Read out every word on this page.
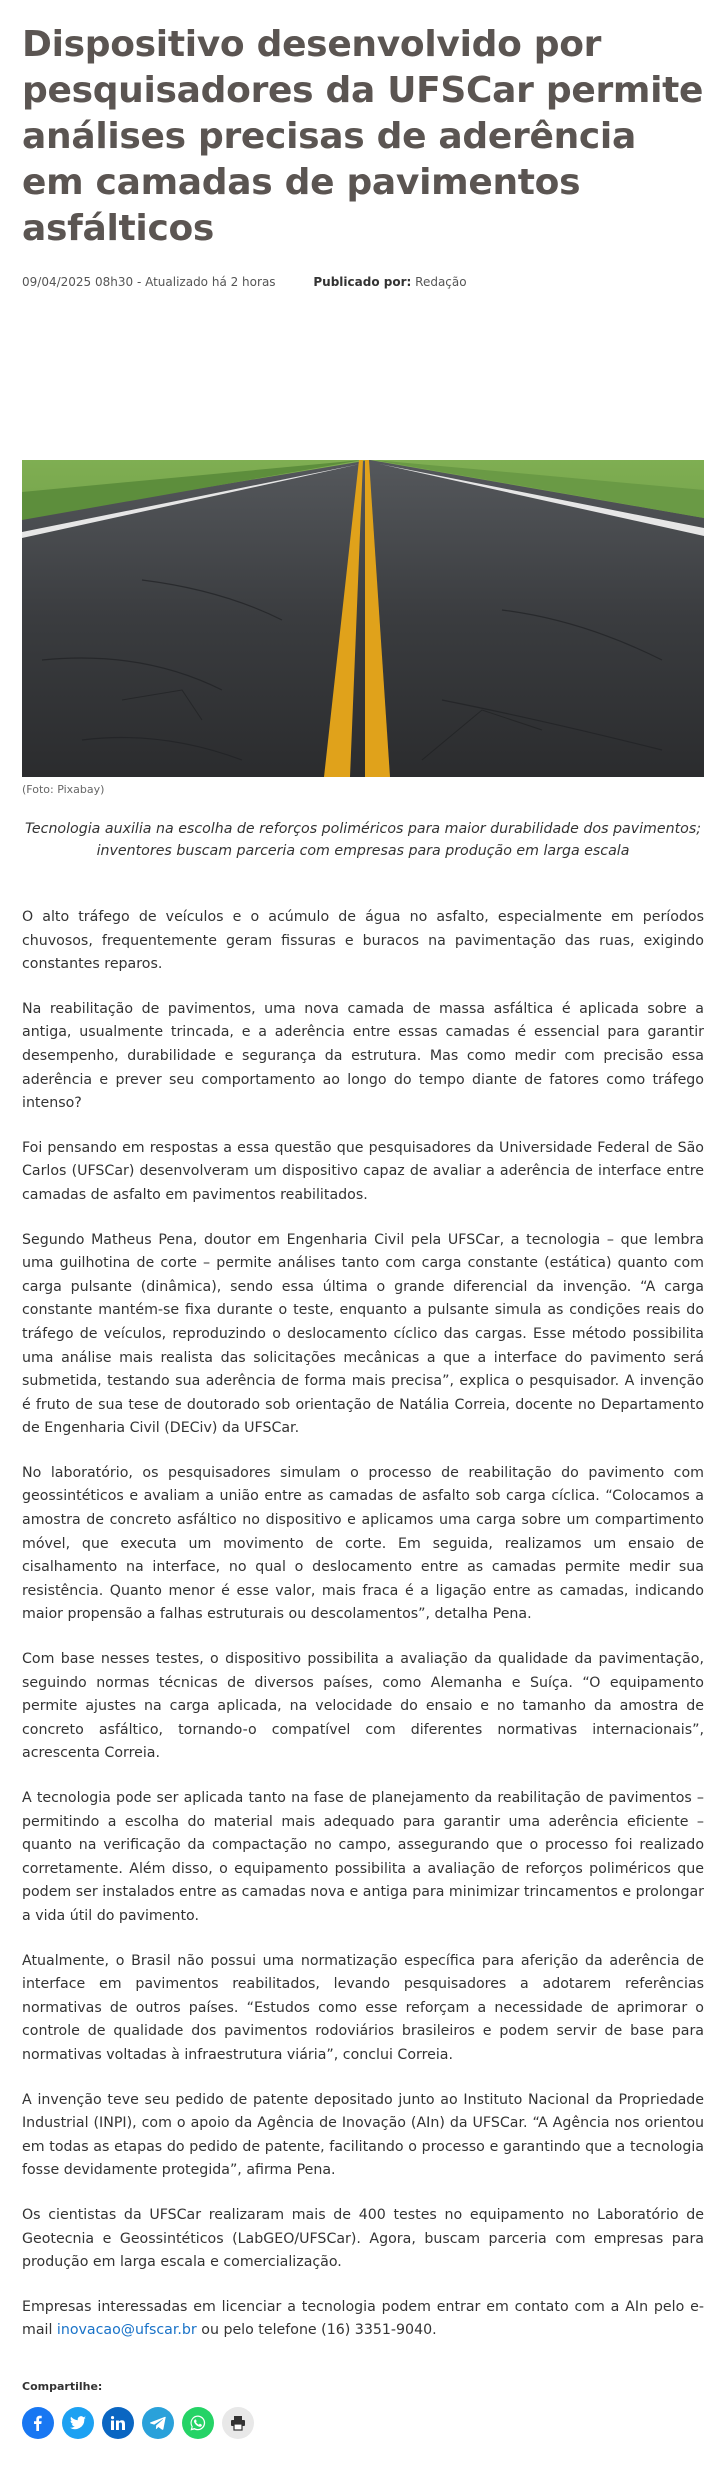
Dispositivo desenvolvido por pesquisadores da UFSCar permite análises precisas de aderência em camadas de pavimentos asfálticos
09/04/2025 08h30 - Atualizado há 2 horas	Publicado por: Redação
(Foto: Pixabay)
Tecnologia auxilia na escolha de reforços poliméricos para maior durabilidade dos pavimentos; inventores buscam parceria com empresas para produção em larga escala

O alto tráfego de veículos e o acúmulo de água no asfalto, especialmente em períodos chuvosos, frequentemente geram fissuras e buracos na pavimentação das ruas, exigindo constantes reparos.

Na reabilitação de pavimentos, uma nova camada de massa asfáltica é aplicada sobre a antiga, usualmente trincada, e a aderência entre essas camadas é essencial para garantir desempenho, durabilidade e segurança da estrutura. Mas como medir com precisão essa aderência e prever seu comportamento ao longo do tempo diante de fatores como tráfego intenso?

Foi pensando em respostas a essa questão que pesquisadores da Universidade Federal de São Carlos (UFSCar) desenvolveram um dispositivo capaz de avaliar a aderência de interface entre camadas de asfalto em pavimentos reabilitados.

Segundo Matheus Pena, doutor em Engenharia Civil pela UFSCar, a tecnologia – que lembra uma guilhotina de corte – permite análises tanto com carga constante (estática) quanto com carga pulsante (dinâmica), sendo essa última o grande diferencial da invenção. “A carga constante mantém-se fixa durante o teste, enquanto a pulsante simula as condições reais do tráfego de veículos, reproduzindo o deslocamento cíclico das cargas. Esse método possibilita uma análise mais realista das solicitações mecânicas a que a interface do pavimento será submetida, testando sua aderência de forma mais precisa”, explica o pesquisador. A invenção é fruto de sua tese de doutorado sob orientação de Natália Correia, docente no Departamento de Engenharia Civil (DECiv) da UFSCar.

No laboratório, os pesquisadores simulam o processo de reabilitação do pavimento com geossintéticos e avaliam a união entre as camadas de asfalto sob carga cíclica. “Colocamos a amostra de concreto asfáltico no dispositivo e aplicamos uma carga sobre um compartimento móvel, que executa um movimento de corte. Em seguida, realizamos um ensaio de cisalhamento na interface, no qual o deslocamento entre as camadas permite medir sua resistência. Quanto menor é esse valor, mais fraca é a ligação entre as camadas, indicando maior propensão a falhas estruturais ou descolamentos”, detalha Pena.

Com base nesses testes, o dispositivo possibilita a avaliação da qualidade da pavimentação, seguindo normas técnicas de diversos países, como Alemanha e Suíça. “O equipamento permite ajustes na carga aplicada, na velocidade do ensaio e no tamanho da amostra de concreto asfáltico, tornando-o compatível com diferentes normativas internacionais”, acrescenta Correia.

A tecnologia pode ser aplicada tanto na fase de planejamento da reabilitação de pavimentos – permitindo a escolha do material mais adequado para garantir uma aderência eficiente – quanto na verificação da compactação no campo, assegurando que o processo foi realizado corretamente. Além disso, o equipamento possibilita a avaliação de reforços poliméricos que podem ser instalados entre as camadas nova e antiga para minimizar trincamentos e prolongar a vida útil do pavimento.

Atualmente, o Brasil não possui uma normatização específica para aferição da aderência de interface em pavimentos reabilitados, levando pesquisadores a adotarem referências normativas de outros países. “Estudos como esse reforçam a necessidade de aprimorar o controle de qualidade dos pavimentos rodoviários brasileiros e podem servir de base para normativas voltadas à infraestrutura viária”, conclui Correia.

A invenção teve seu pedido de patente depositado junto ao Instituto Nacional da Propriedade Industrial (INPI), com o apoio da Agência de Inovação (AIn) da UFSCar. “A Agência nos orientou em todas as etapas do pedido de patente, facilitando o processo e garantindo que a tecnologia fosse devidamente protegida”, afirma Pena.

Os cientistas da UFSCar realizaram mais de 400 testes no equipamento no Laboratório de Geotecnia e Geossintéticos (LabGEO/UFSCar). Agora, buscam parceria com empresas para produção em larga escala e comercialização.

Empresas interessadas em licenciar a tecnologia podem entrar em contato com a AIn pelo e-mail inovacao@ufscar.br ou pelo telefone (16) 3351-9040.

Compartilhe:
